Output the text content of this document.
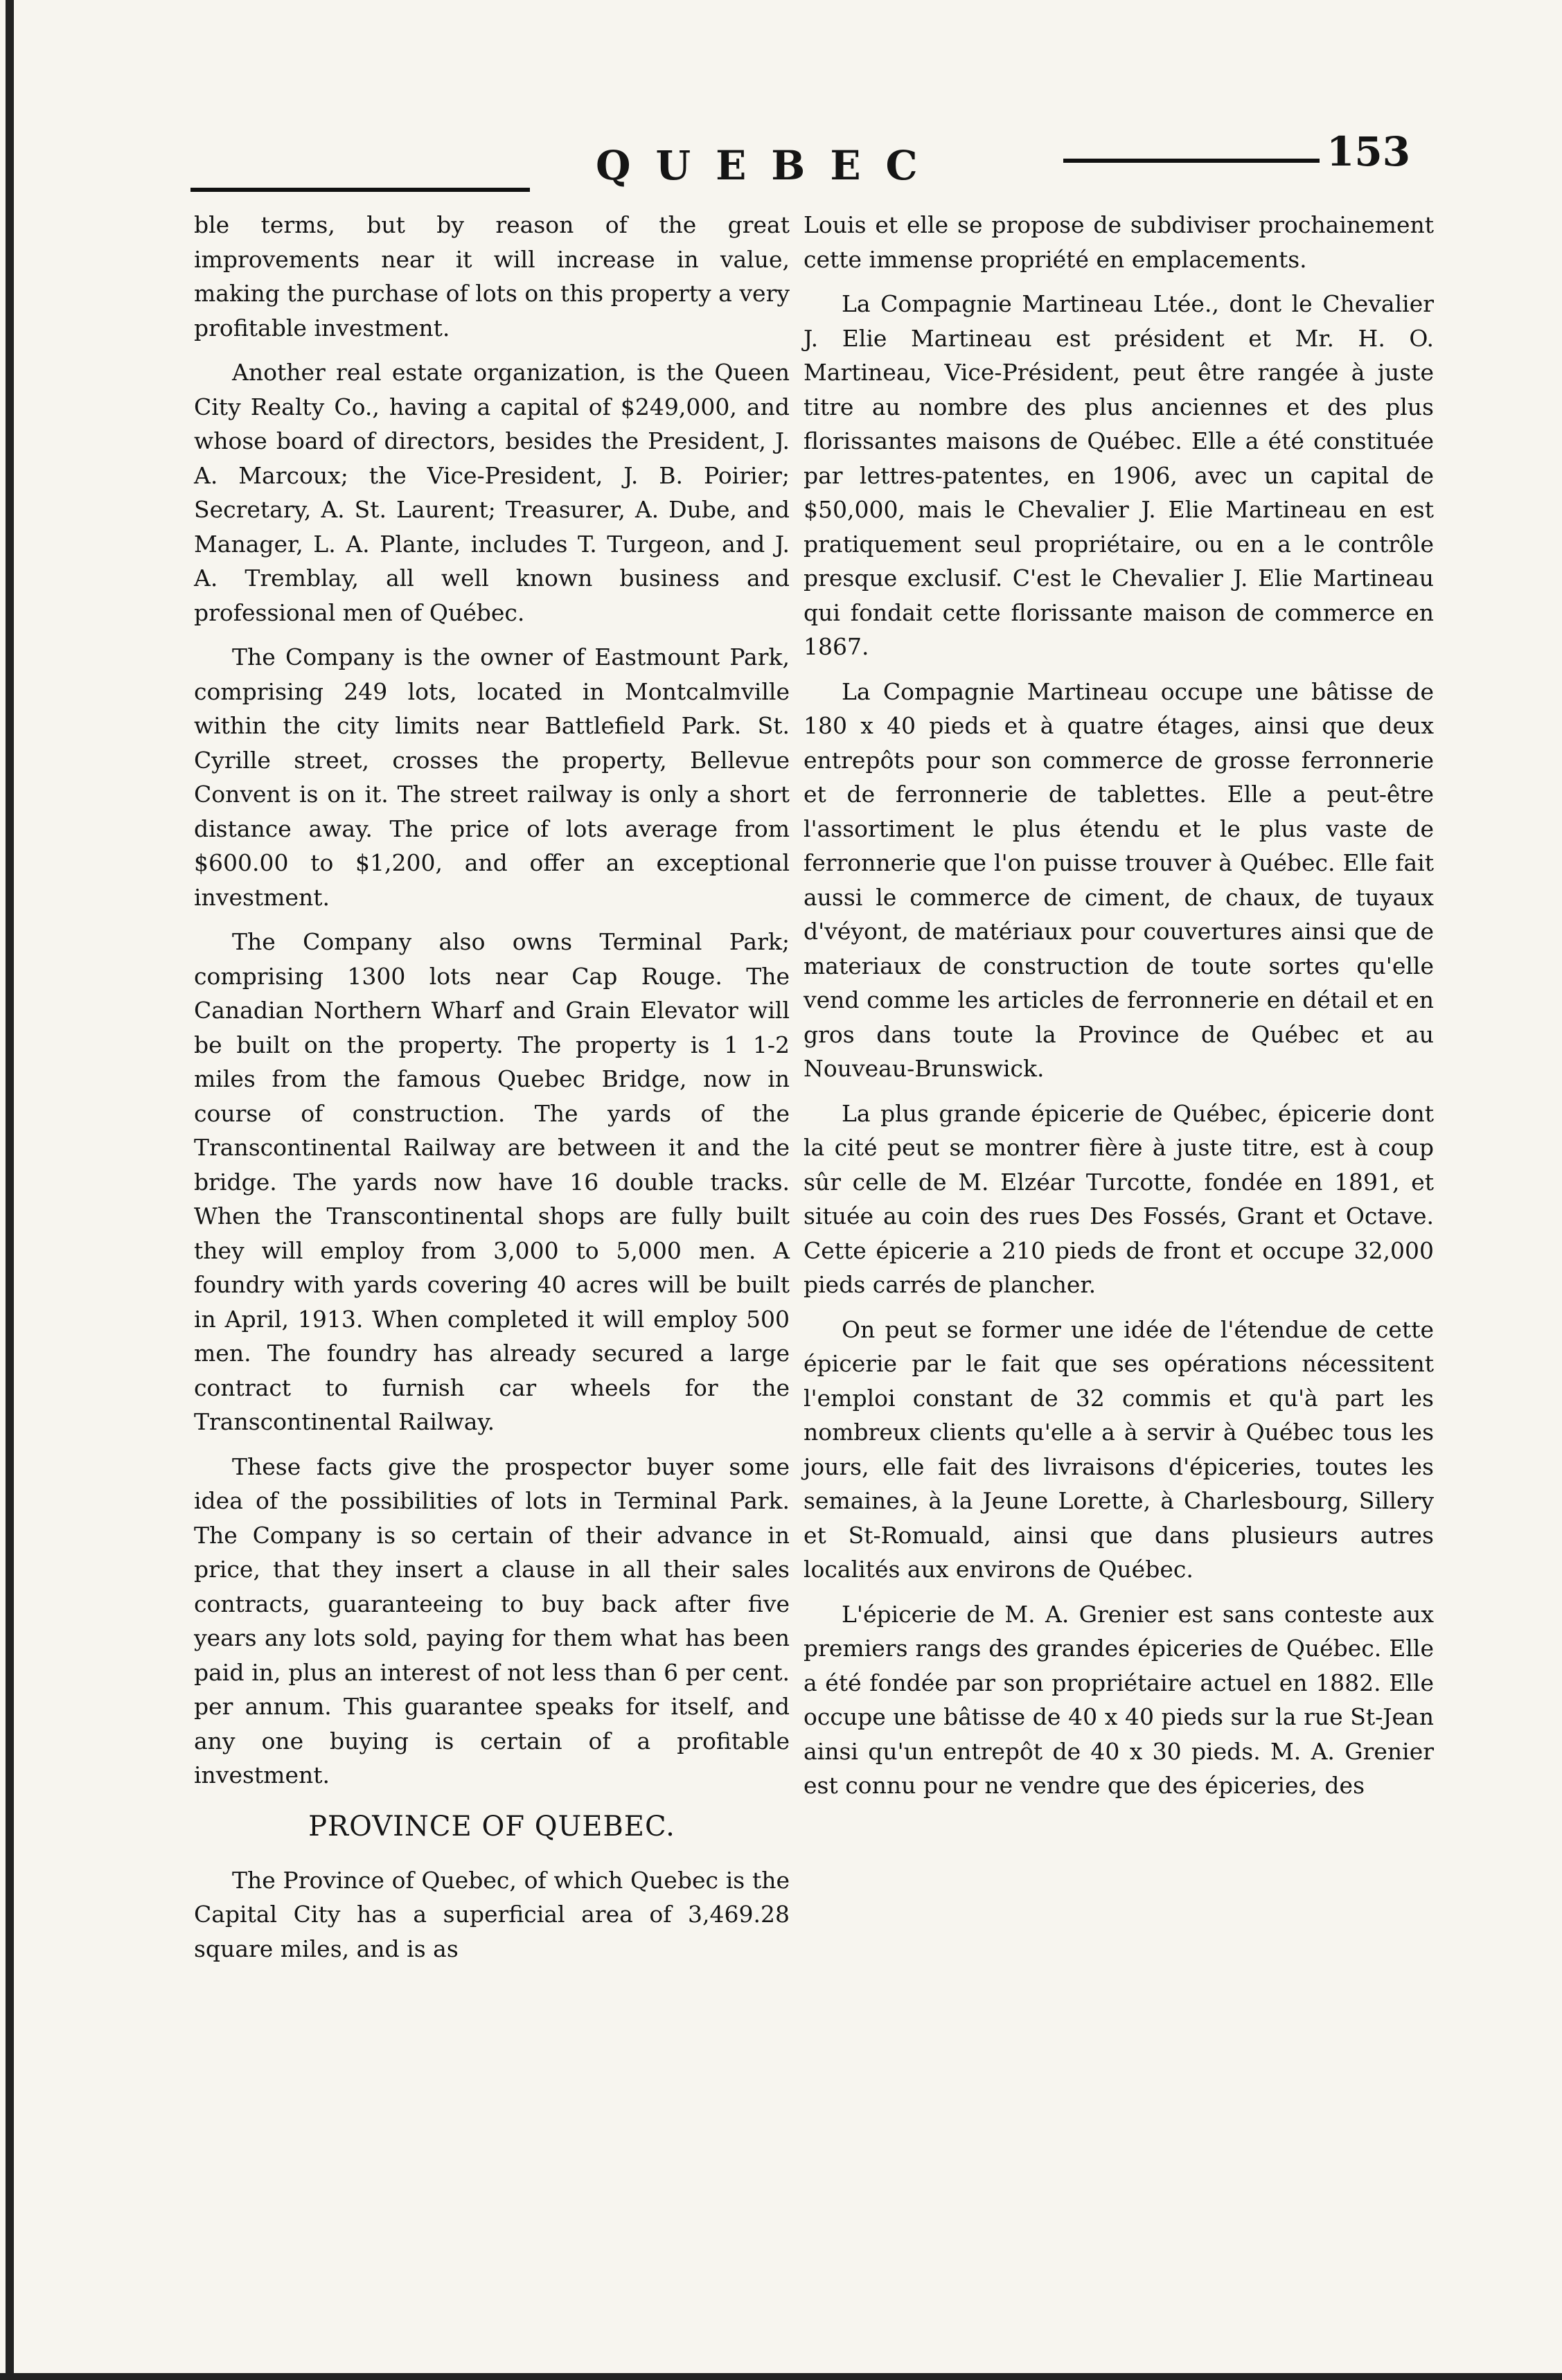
QUEBEC	153

ble terms, but by reason of the great improvements near it will increase in value, making the purchase of lots on this property a very profitable investment.

Another real estate organization, is the Queen City Realty Co., having a capital of $249,000, and whose board of directors, besides the President, J. A. Marcoux; the Vice-President, J. B. Poirier; Secretary, A. St. Laurent; Treasurer, A. Dube, and Manager, L. A. Plante, includes T. Turgeon, and J. A. Tremblay, all well known business and professional men of Québec.

The Company is the owner of Eastmount Park, comprising 249 lots, located in Montcalmville within the city limits near Battlefield Park. St. Cyrille street, crosses the property, Bellevue Convent is on it. The street railway is only a short distance away. The price of lots average from $600.00 to $1,200, and offer an exceptional investment.

The Company also owns Terminal Park; comprising 1300 lots near Cap Rouge. The Canadian Northern Wharf and Grain Elevator will be built on the property. The property is 1 1-2 miles from the famous Quebec Bridge, now in course of construction. The yards of the Transcontinental Railway are between it and the bridge. The yards now have 16 double tracks. When the Transcontinental shops are fully built they will employ from 3,000 to 5,000 men. A foundry with yards covering 40 acres will be built in April, 1913. When completed it will employ 500 men. The foundry has already secured a large contract to furnish car wheels for the Transcontinental Railway.

These facts give the prospector buyer some idea of the possibilities of lots in Terminal Park. The Company is so certain of their advance in price, that they insert a clause in all their sales contracts, guaranteeing to buy back after five years any lots sold, paying for them what has been paid in, plus an interest of not less than 6 per cent. per annum. This guarantee speaks for itself, and any one buying is certain of a profitable investment.

PROVINCE OF QUEBEC.

The Province of Quebec, of which Quebec is the Capital City has a superficial area of 3,469.28 square miles, and is as

Louis et elle se propose de subdiviser prochainement cette immense propriété en emplacements.

La Compagnie Martineau Ltée., dont le Chevalier J. Elie Martineau est président et Mr. H. O. Martineau, Vice-Président, peut être rangée à juste titre au nombre des plus anciennes et des plus florissantes maisons de Québec. Elle a été constituée par lettres-patentes, en 1906, avec un capital de $50,000, mais le Chevalier J. Elie Martineau en est pratiquement seul propriétaire, ou en a le contrôle presque exclusif. C'est le Chevalier J. Elie Martineau qui fondait cette florissante maison de commerce en 1867.

La Compagnie Martineau occupe une bâtisse de 180 x 40 pieds et à quatre étages, ainsi que deux entrepôts pour son commerce de grosse ferronnerie et de ferronnerie de tablettes. Elle a peut-être l'assortiment le plus étendu et le plus vaste de ferronnerie que l'on puisse trouver à Québec. Elle fait aussi le commerce de ciment, de chaux, de tuyaux d'véyont, de matériaux pour couvertures ainsi que de materiaux de construction de toute sortes qu'elle vend comme les articles de ferronnerie en détail et en gros dans toute la Province de Québec et au Nouveau-Brunswick.

La plus grande épicerie de Québec, épicerie dont la cité peut se montrer fière à juste titre, est à coup sûr celle de M. Elzéar Turcotte, fondée en 1891, et située au coin des rues Des Fossés, Grant et Octave. Cette épicerie a 210 pieds de front et occupe 32,000 pieds carrés de plancher.

On peut se former une idée de l'étendue de cette épicerie par le fait que ses opérations nécessitent l'emploi constant de 32 commis et qu'à part les nombreux clients qu'elle a à servir à Québec tous les jours, elle fait des livraisons d'épiceries, toutes les semaines, à la Jeune Lorette, à Charlesbourg, Sillery et St-Romuald, ainsi que dans plusieurs autres localités aux environs de Québec.

L'épicerie de M. A. Grenier est sans conteste aux premiers rangs des grandes épiceries de Québec. Elle a été fondée par son propriétaire actuel en 1882. Elle occupe une bâtisse de 40 x 40 pieds sur la rue St-Jean ainsi qu'un entrepôt de 40 x 30 pieds. M. A. Grenier est connu pour ne vendre que des épiceries, des
